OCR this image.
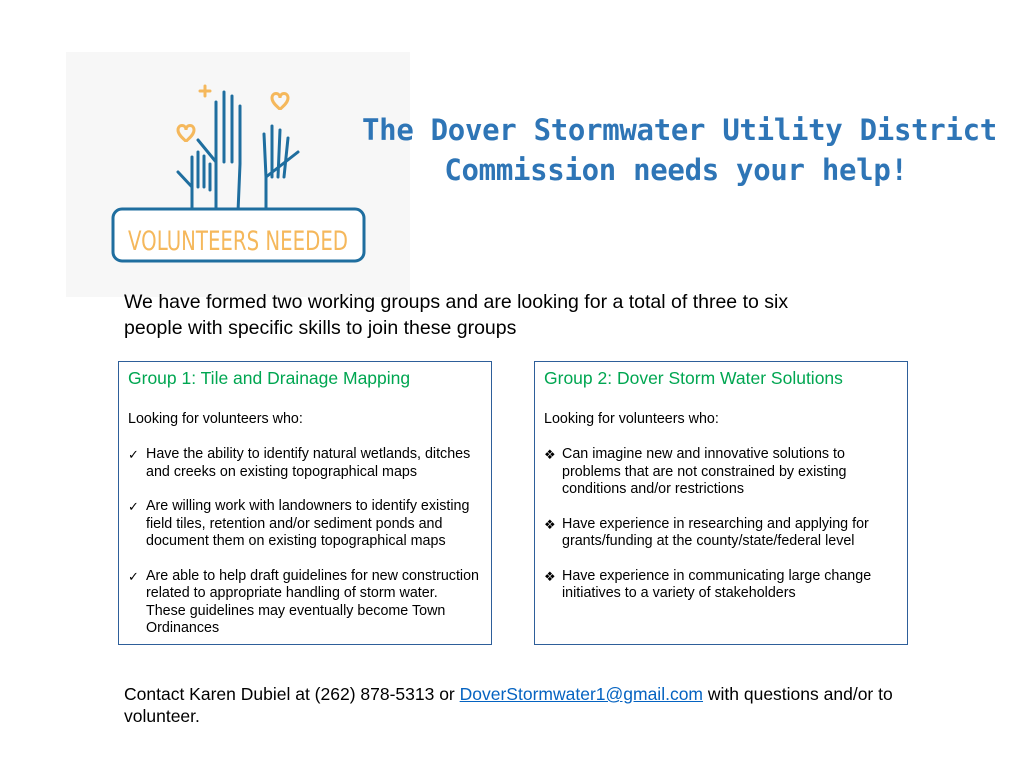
VOLUNTEERS NEEDED
The Dover Stormwater Utility District
Commission needs your help!
We have formed two working groups and are looking for a total of three to six
people with specific skills to join these groups
Group 1: Tile and Drainage Mapping
Looking for volunteers who:
✓ Have the ability to identify natural wetlands, ditches and creeks on existing topographical maps
✓ Are willing work with landowners to identify existing field tiles, retention and/or sediment ponds and document them on existing topographical maps
✓ Are able to help draft guidelines for new construction related to appropriate handling of storm water. These guidelines may eventually become Town Ordinances
Group 2: Dover Storm Water Solutions
Looking for volunteers who:
❖ Can imagine new and innovative solutions to problems that are not constrained by existing conditions and/or restrictions
❖ Have experience in researching and applying for grants/funding at the county/state/federal level
❖ Have experience in communicating large change initiatives to a variety of stakeholders
Contact Karen Dubiel at (262) 878-5313 or DoverStormwater1@gmail.com with questions and/or to volunteer.
